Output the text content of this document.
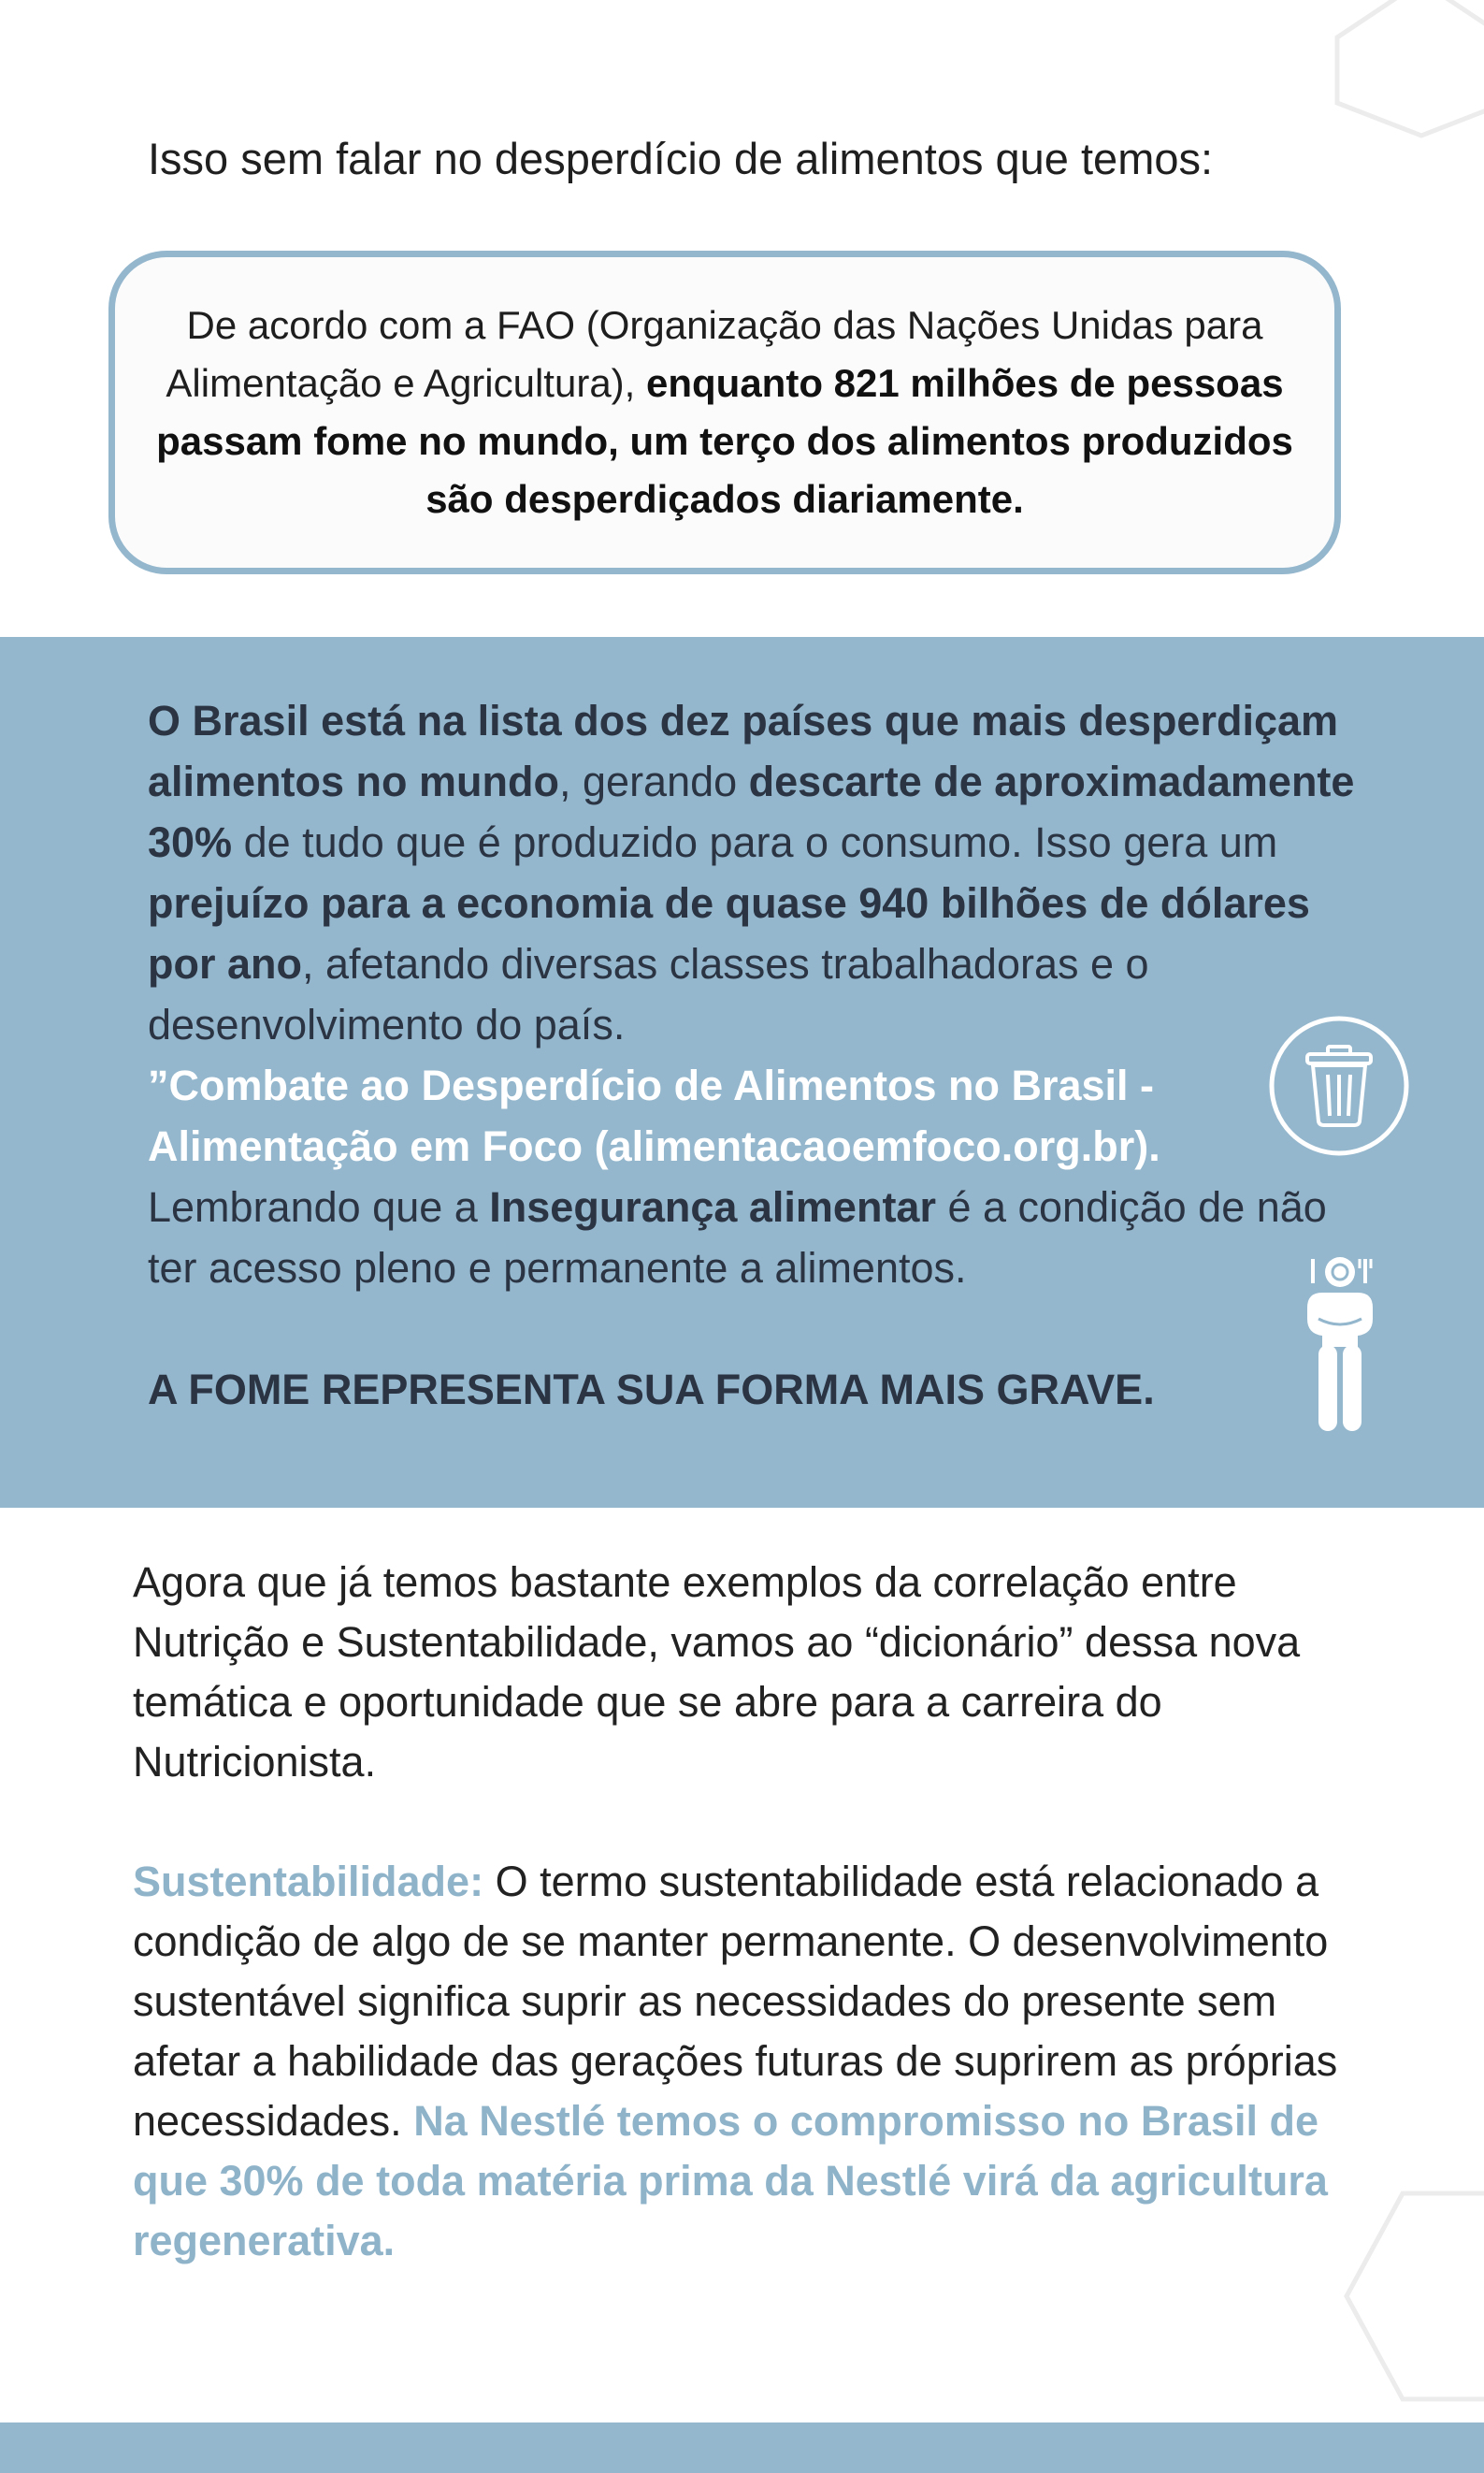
Isso sem falar no desperdício de alimentos que temos:
De acordo com a FAO (Organização das Nações Unidas para Alimentação e Agricultura), enquanto 821 milhões de pessoas passam fome no mundo, um terço dos alimentos produzidos são desperdiçados diariamente.
O Brasil está na lista dos dez países que mais desperdiçam alimentos no mundo, gerando descarte de aproximadamente 30% de tudo que é produzido para o consumo. Isso gera um prejuízo para a economia de quase 940 bilhões de dólares por ano, afetando diversas classes trabalhadoras e o desenvolvimento do país.
”Combate ao Desperdício de Alimentos no Brasil - Alimentação em Foco (alimentacaoemfoco.org.br).
Lembrando que a Insegurança alimentar é a condição de não ter acesso pleno e permanente a alimentos.
A FOME REPRESENTA SUA FORMA MAIS GRAVE.

Agora que já temos bastante exemplos da correlação entre Nutrição e Sustentabilidade, vamos ao “dicionário” dessa nova temática e oportunidade que se abre para a carreira do Nutricionista.

Sustentabilidade: O termo sustentabilidade está relacionado a condição de algo de se manter permanente. O desenvolvimento sustentável significa suprir as necessidades do presente sem afetar a habilidade das gerações futuras de suprirem as próprias necessidades. Na Nestlé temos o compromisso no Brasil de que 30% de toda matéria prima da Nestlé virá da agricultura regenerativa.
